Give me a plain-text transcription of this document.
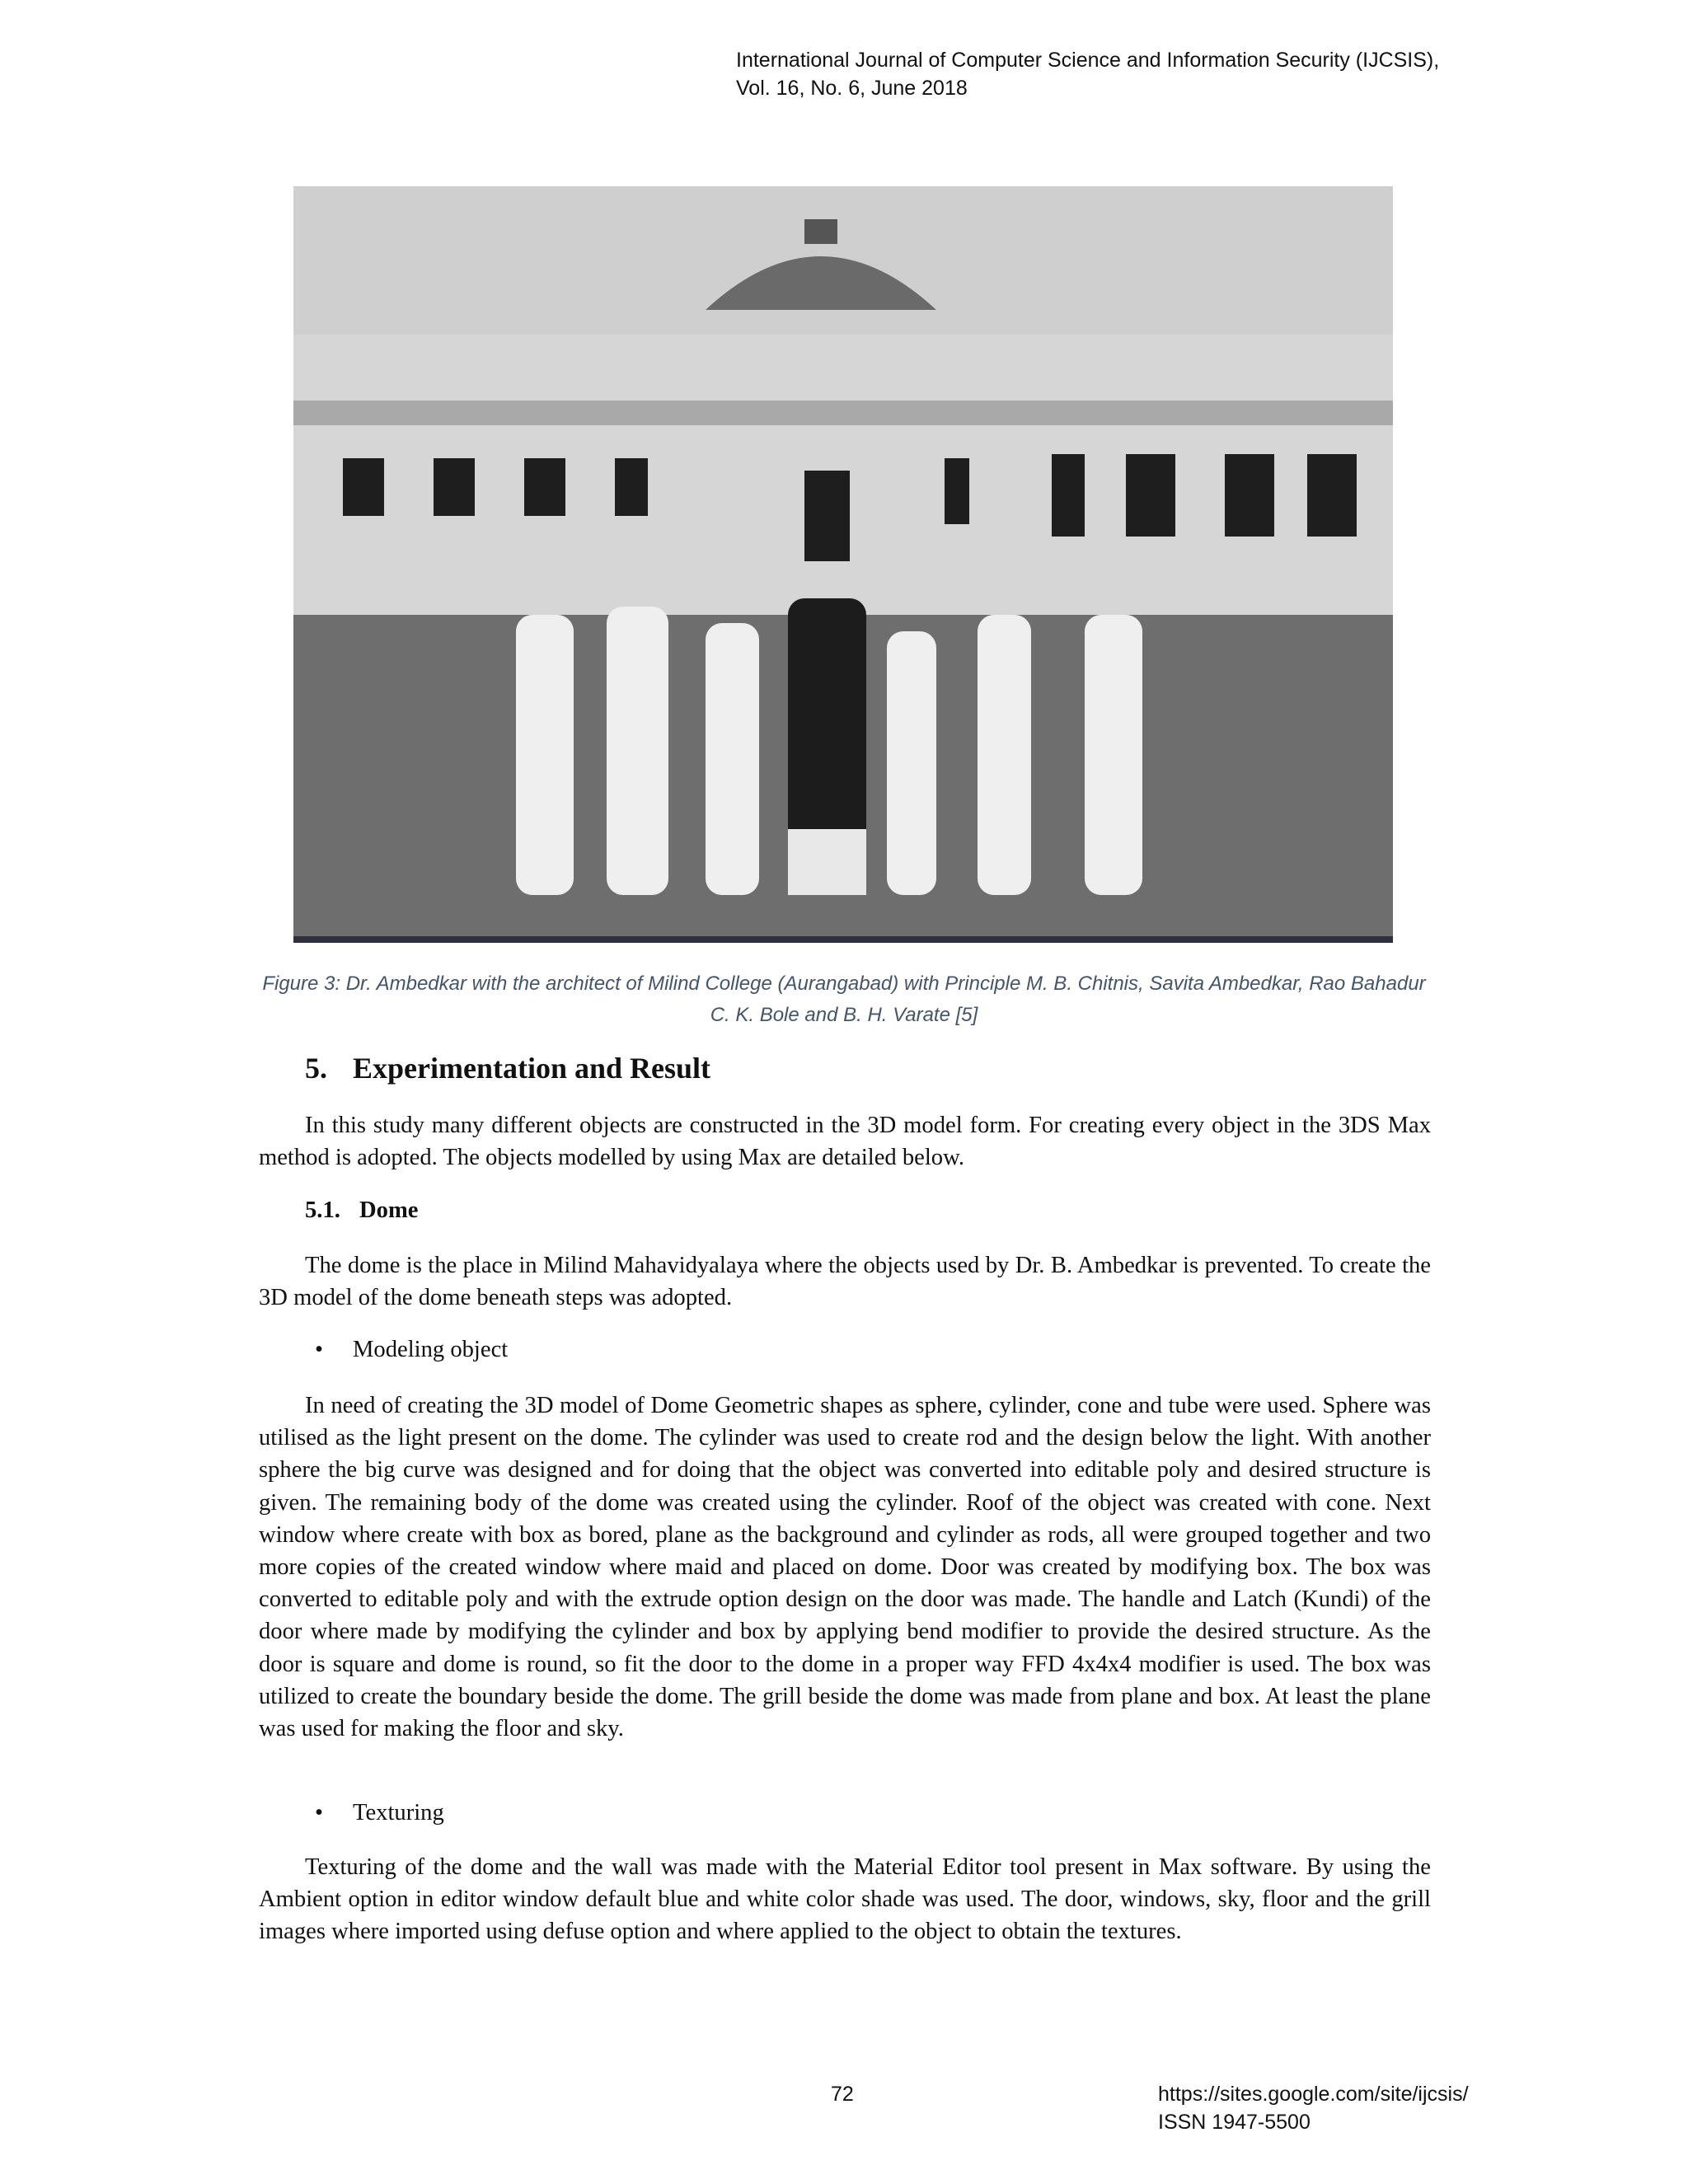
International Journal of Computer Science and Information Security (IJCSIS),
Vol. 16, No. 6, June 2018
Figure 3: Dr. Ambedkar with the architect of Milind College (Aurangabad) with Principle M. B. Chitnis, Savita Ambedkar, Rao Bahadur C. K. Bole and B. H. Varate [5]
5. Experimentation and Result
In this study many different objects are constructed in the 3D model form. For creating every object in the 3DS Max method is adopted. The objects modelled by using Max are detailed below.
5.1. Dome
The dome is the place in Milind Mahavidyalaya where the objects used by Dr. B. Ambedkar is prevented. To create the 3D model of the dome beneath steps was adopted.
• Modeling object
In need of creating the 3D model of Dome Geometric shapes as sphere, cylinder, cone and tube were used. Sphere was utilised as the light present on the dome. The cylinder was used to create rod and the design below the light. With another sphere the big curve was designed and for doing that the object was converted into editable poly and desired structure is given. The remaining body of the dome was created using the cylinder. Roof of the object was created with cone. Next window where create with box as bored, plane as the background and cylinder as rods, all were grouped together and two more copies of the created window where maid and placed on dome. Door was created by modifying box. The box was converted to editable poly and with the extrude option design on the door was made. The handle and Latch (Kundi) of the door where made by modifying the cylinder and box by applying bend modifier to provide the desired structure. As the door is square and dome is round, so fit the door to the dome in a proper way FFD 4x4x4 modifier is used. The box was utilized to create the boundary beside the dome. The grill beside the dome was made from plane and box. At least the plane was used for making the floor and sky.
• Texturing
Texturing of the dome and the wall was made with the Material Editor tool present in Max software. By using the Ambient option in editor window default blue and white color shade was used. The door, windows, sky, floor and the grill images where imported using defuse option and where applied to the object to obtain the textures.
72	https://sites.google.com/site/ijcsis/
ISSN 1947-5500
